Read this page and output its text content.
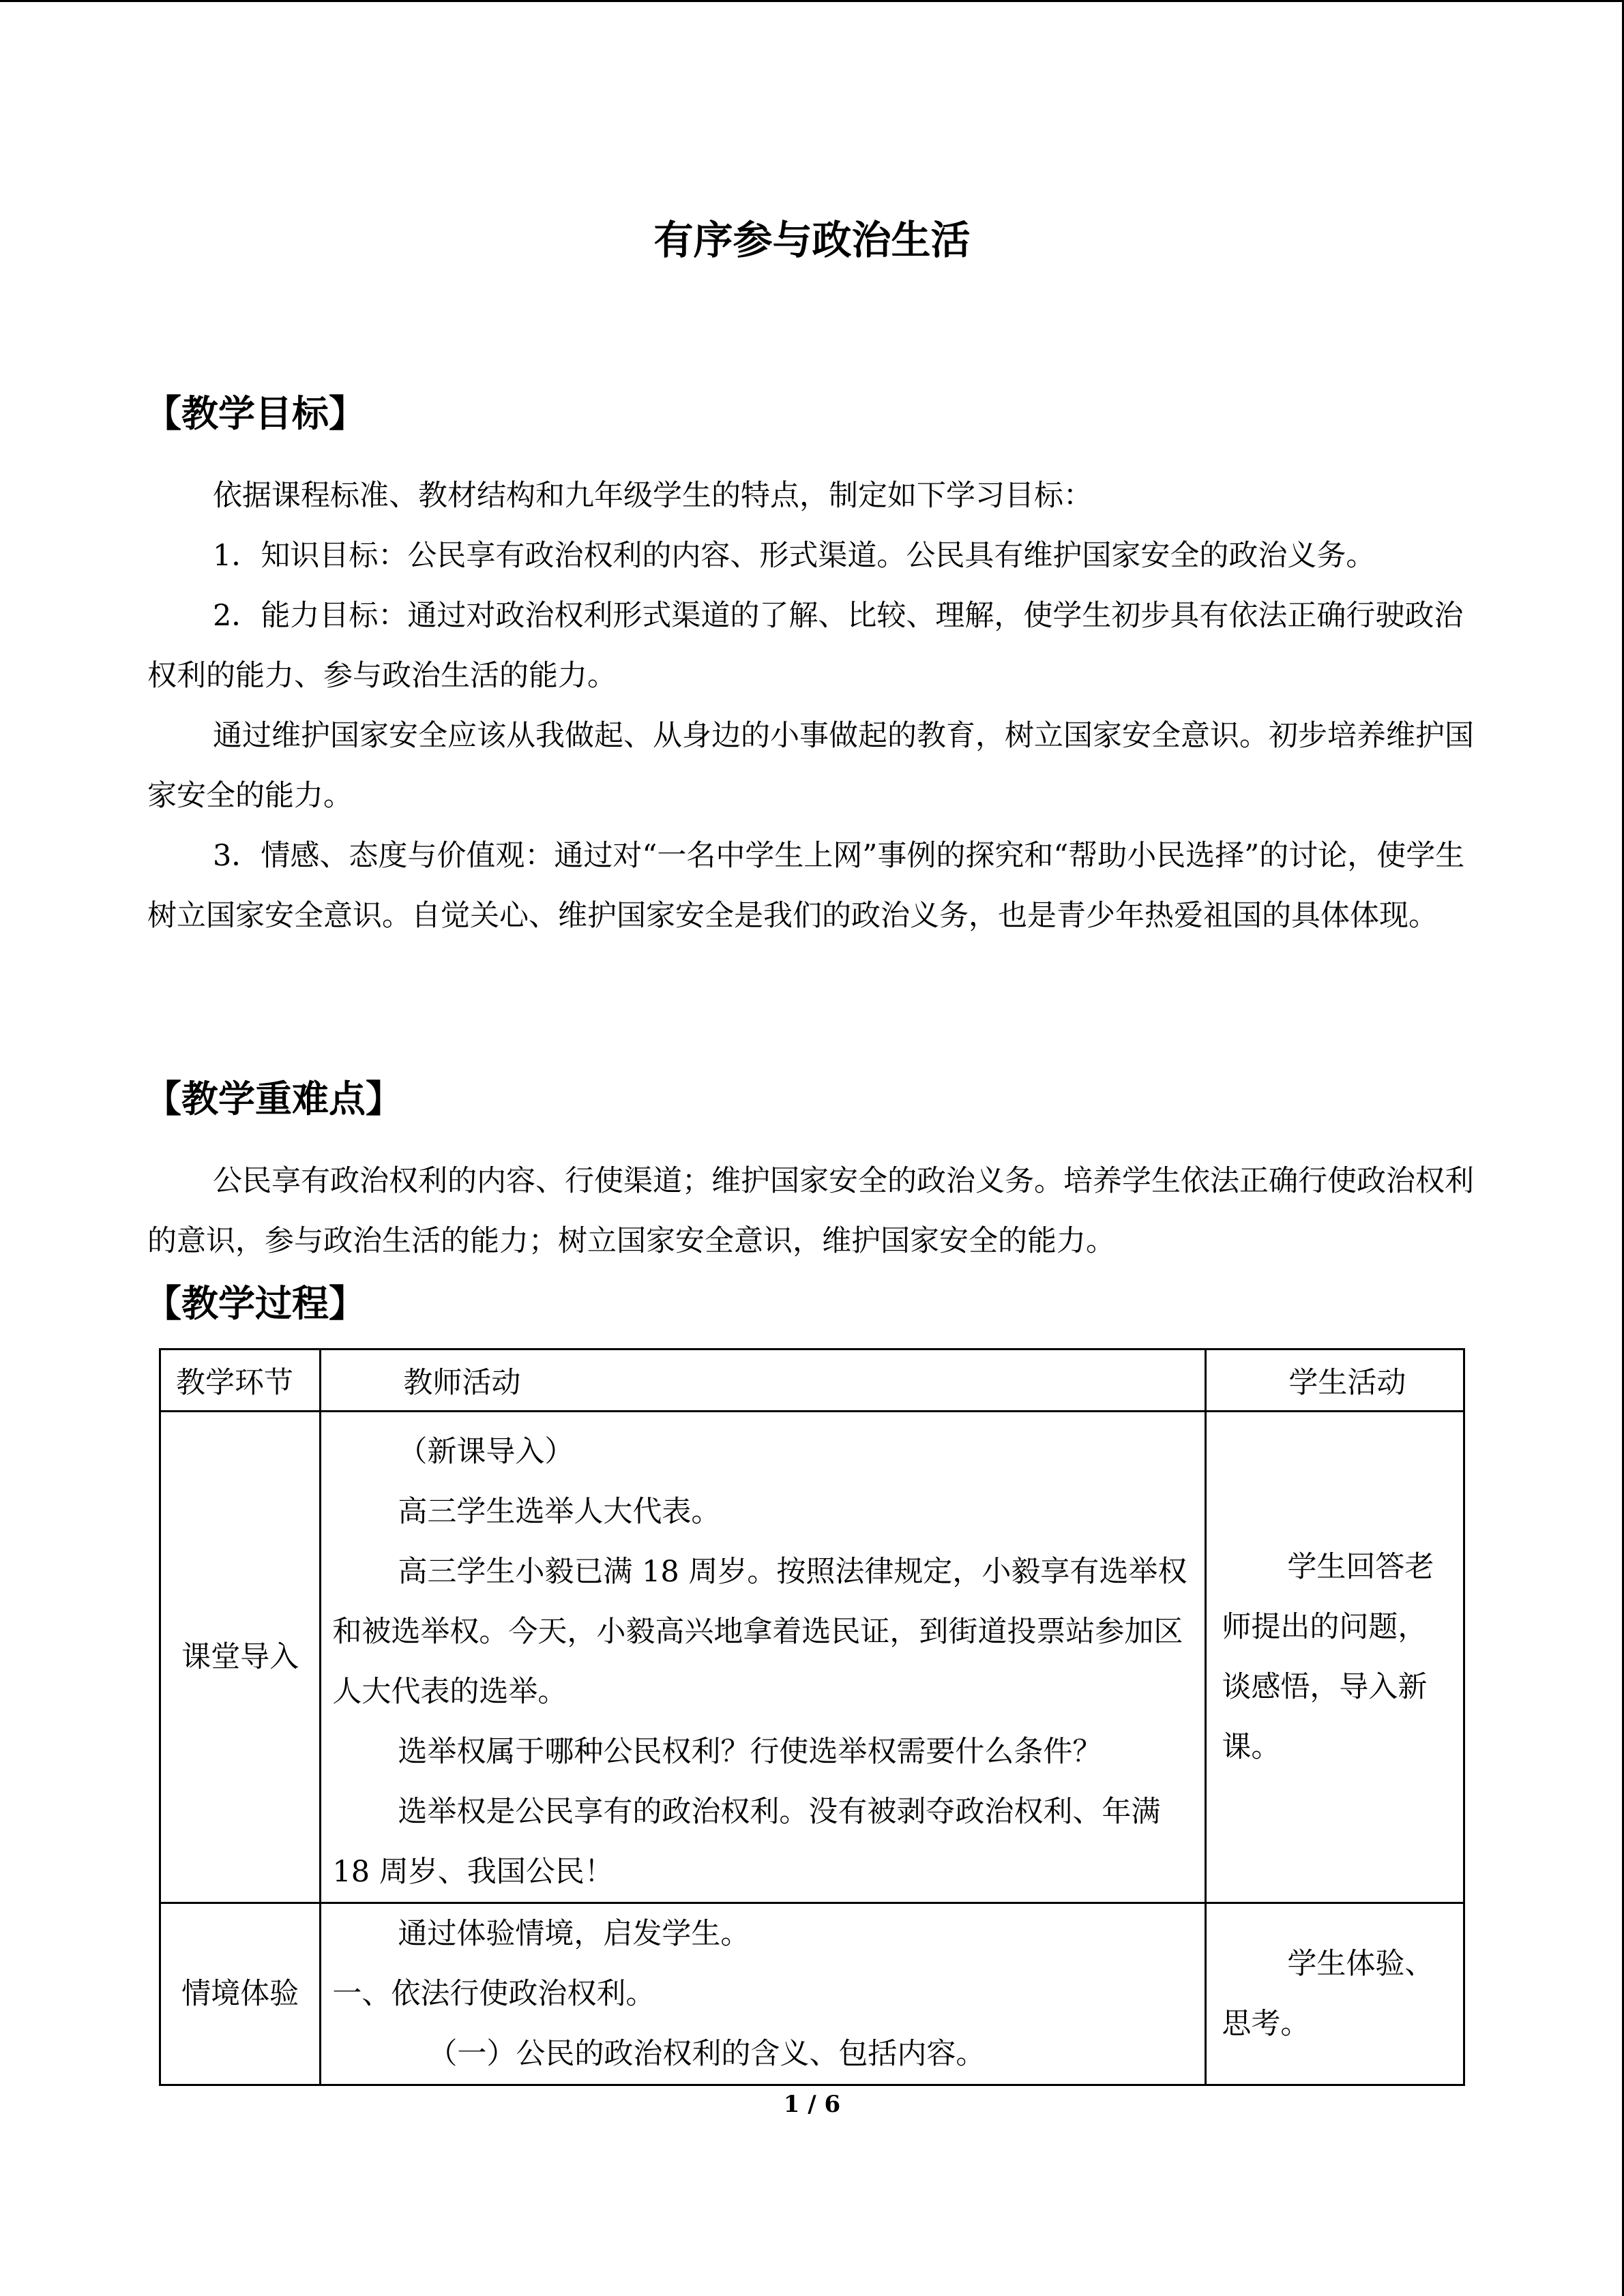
有序参与政治生活
【教学目标】

依据课程标准、教材结构和九年级学生的特点，制定如下学习目标：

1．知识目标：公民享有政治权利的内容、形式渠道。公民具有维护国家安全的政治义务。

2．能力目标：通过对政治权利形式渠道的了解、比较、理解，使学生初步具有依法正确行驶政治权利的能力、参与政治生活的能力。

通过维护国家安全应该从我做起、从身边的小事做起的教育，树立国家安全意识。初步培养维护国家安全的能力。

3．情感、态度与价值观：通过对“一名中学生上网”事例的探究和“帮助小民选择”的讨论，使学生树立国家安全意识。自觉关心、维护国家安全是我们的政治义务，也是青少年热爱祖国的具体体现。

【教学重难点】

公民享有政治权利的内容、行使渠道；维护国家安全的政治义务。培养学生依法正确行使政治权利的意识，参与政治生活的能力；树立国家安全意识，维护国家安全的能力。

【教学过程】
教学环节	教师活动	学生活动
课堂导入	（新课导入）

高三学生选举人大代表。

高三学生小毅已满 18 周岁。按照法律规定，小毅享有选举权和被选举权。今天，小毅高兴地拿着选民证，到街道投票站参加区人大代表的选举。

选举权属于哪种公民权利？行使选举权需要什么条件？

选举权是公民享有的政治权利。没有被剥夺政治权利、年满 18 周岁、我国公民！	学生回答老师提出的问题，谈感悟，导入新课。

情境体验	通过体验情境，启发学生。

一、依法行使政治权利。

（一）公民的政治权利的含义、包括内容。	学生体验、思考。

1 / 6
